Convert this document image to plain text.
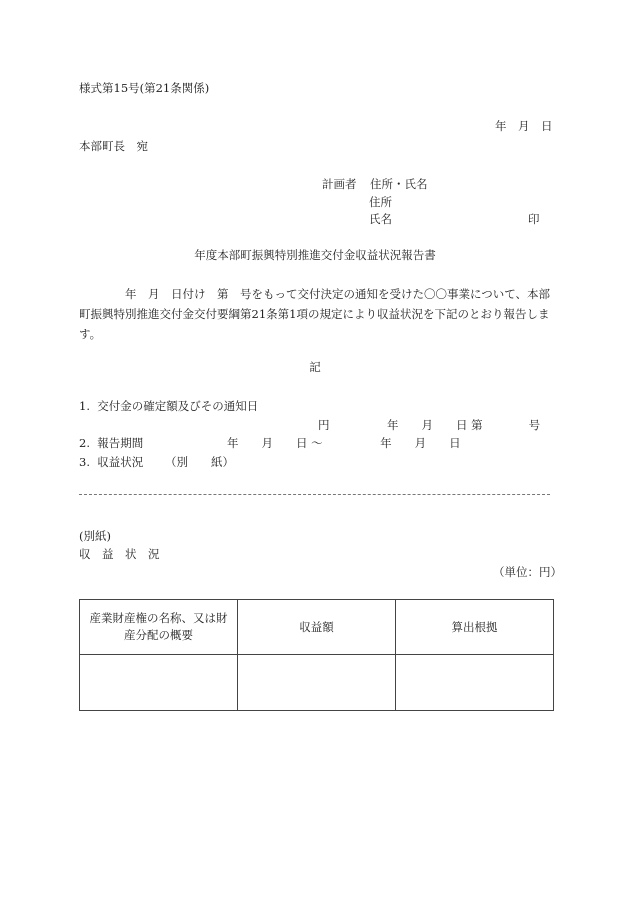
様式第15号(第21条関係)
年　月　日
本部町長　宛
計画者 住所・氏名
住所
氏名	印
年度本部町振興特別推進交付金収益状況報告書
　　　　年　月　日付け　第　号をもって交付決定の通知を受けた〇〇事業について、本部町振興特別推進交付金交付要綱第21条第1項の規定により収益状況を下記のとおり報告します。
記
1.  交付金の確定額及びその通知日
円　　　　　年　　月　　日 第　　　　号
2.  報告期間	年　　月　　日 ～　　　　　年　　月　　日
3.  収益状況 （別　　紙）
(別紙)
収　益　状　況
（単位：円）
産業財産権の名称、又は財産分配の概要	収益額	算出根拠
